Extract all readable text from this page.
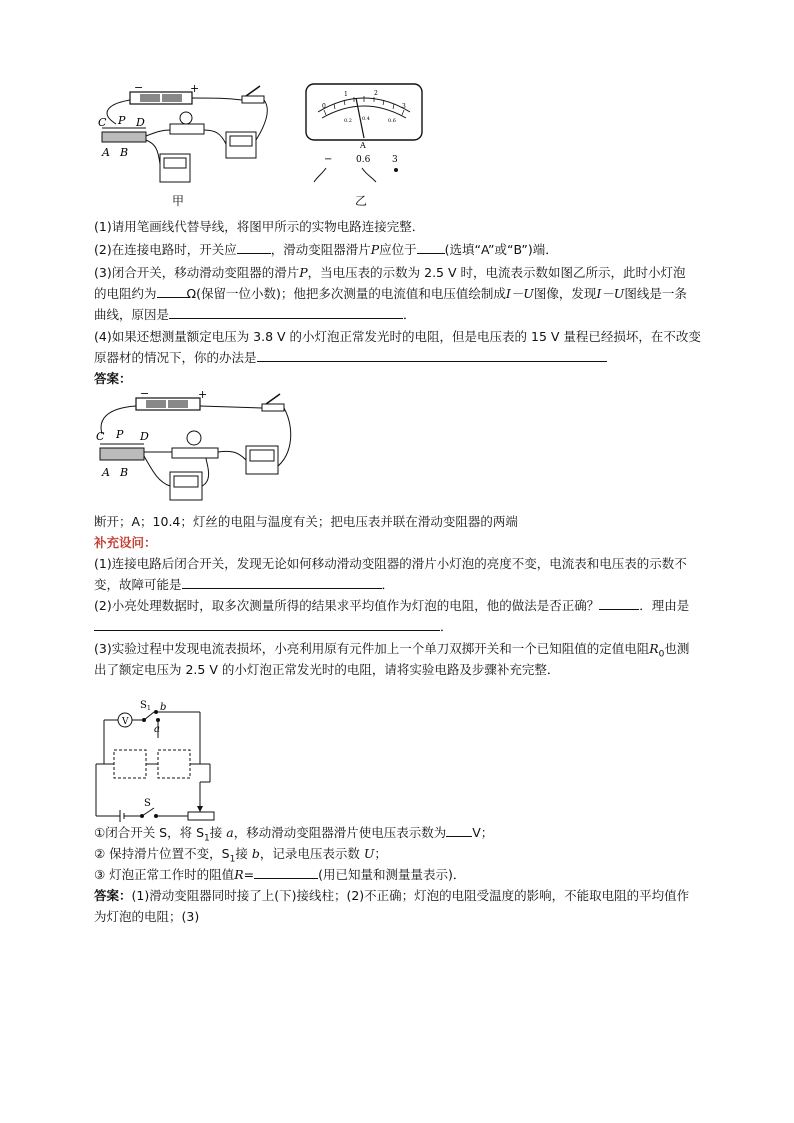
−	+
C P D
A B
甲
0
1	2
3
0.2 0.4	0.6
A
−	0.6 3
乙
(1)请用笔画线代替导线，将图甲所示的实物电路连接完整．
(2)在连接电路时，开关应	，滑动变阻器滑片P应位于 (选填“A”或“B”)端．
(3)闭合开关，移动滑动变阻器的滑片P，当电压表的示数为 2.5 V 时，电流表示数如图乙所示，此时小灯泡
的电阻约为 Ω(保留一位小数)；他把多次测量的电流值和电压值绘制成I－U图像，发现I－U图线是一条
曲线，原因是	．
(4)如果还想测量额定电压为 3.8 V 的小灯泡正常发光时的电阻，但是电压表的 15 V 量程已经损坏，在不改变
原器材的情况下，你的办法是
答案：
−	+
C P D
A B
断开；A；10.4；灯丝的电阻与温度有关；把电压表并联在滑动变阻器的两端
补充设问：
(1)连接电路后闭合开关，发现无论如何移动滑动变阻器的滑片小灯泡的亮度不变，电流表和电压表的示数不
变，故障可能是	．
(2)小亮处理数据时，取多次测量所得的结果求平均值作为灯泡的电阻，他的做法是否正确？	．理由是
．
(3)实验过程中发现电流表损坏，小亮利用原有元件加上一个单刀双掷开关和一个已知阻值的定值电阻$R_0$也测
出了额定电压为 2.5 V 的小灯泡正常发光时的电阻，请将实验电路及步骤补充完整．
V
S 1 b
a
S
①闭合开关 S，将 $S_1$接 a，移动滑动变阻器滑片使电压表示数为 V；
② 保持滑片位置不变，$S_1$接 b，记录电压表示数 U；
③ 灯泡正常工作时的阻值R=	(用已知量和测量量表示)．
答案：(1)滑动变阻器同时接了上(下)接线柱；(2)不正确；灯泡的电阻受温度的影响，不能取电阻的平均值作
为灯泡的电阻；(3)
